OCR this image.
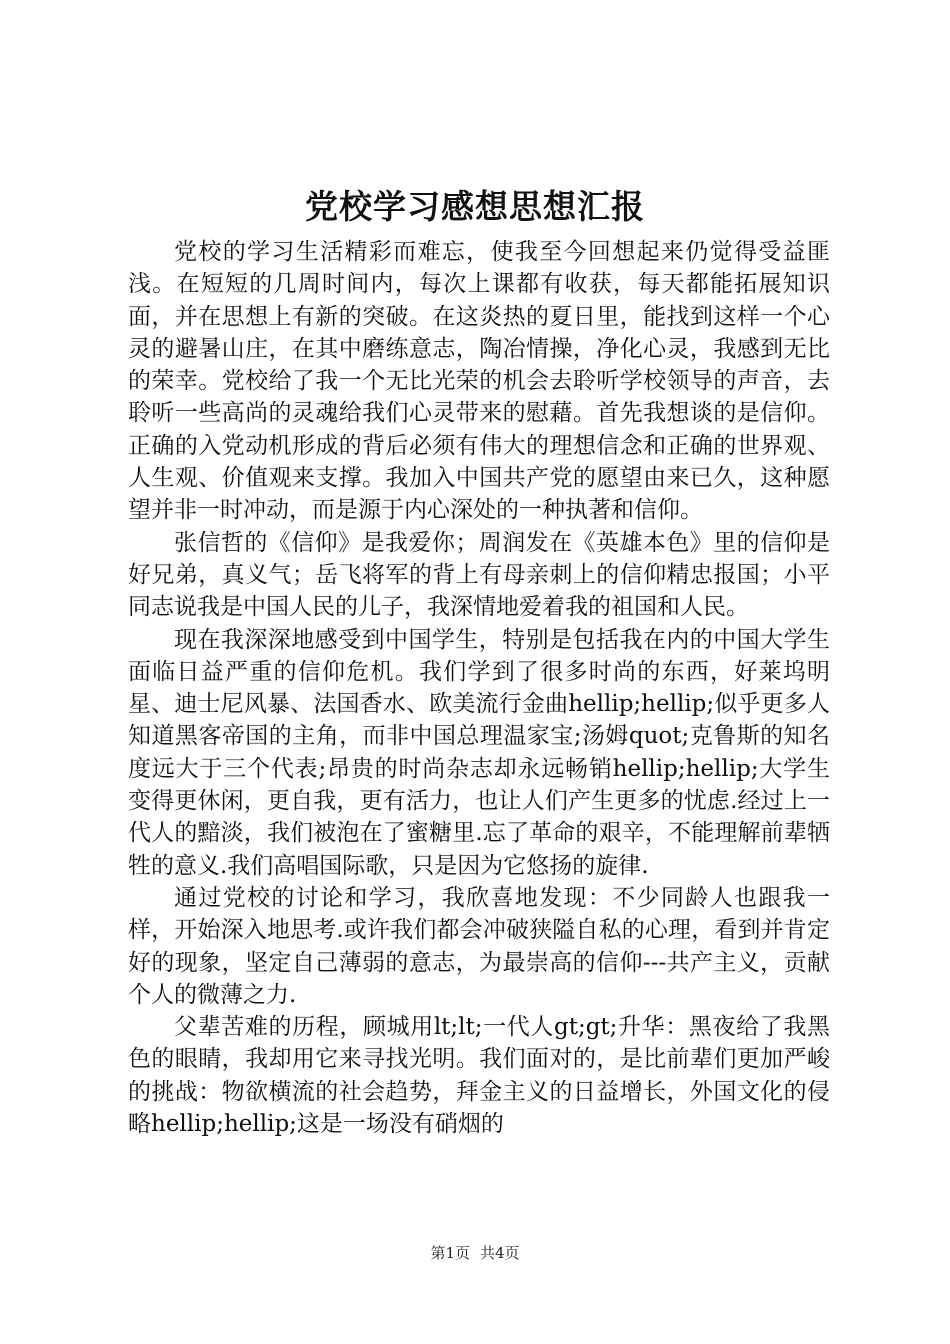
党校学习感想思想汇报

党校的学习生活精彩而难忘，使我至今回想起来仍觉得受益匪浅。在短短的几周时间内，每次上课都有收获，每天都能拓展知识面，并在思想上有新的突破。在这炎热的夏日里，能找到这样一个心灵的避暑山庄，在其中磨练意志，陶冶情操，净化心灵，我感到无比的荣幸。党校给了我一个无比光荣的机会去聆听学校领导的声音，去聆听一些高尚的灵魂给我们心灵带来的慰藉。首先我想谈的是信仰。正确的入党动机形成的背后必须有伟大的理想信念和正确的世界观、人生观、价值观来支撑。我加入中国共产党的愿望由来已久，这种愿望并非一时冲动，而是源于内心深处的一种执著和信仰。

张信哲的《信仰》是我爱你；周润发在《英雄本色》里的信仰是好兄弟，真义气；岳飞将军的背上有母亲刺上的信仰精忠报国；小平同志说我是中国人民的儿子，我深情地爱着我的祖国和人民。

现在我深深地感受到中国学生，特别是包括我在内的中国大学生面临日益严重的信仰危机。我们学到了很多时尚的东西，好莱坞明星、迪士尼风暴、法国香水、欧美流行金曲hellip;hellip;似乎更多人知道黑客帝国的主角，而非中国总理温家宝;汤姆quot;克鲁斯的知名度远大于三个代表;昂贵的时尚杂志却永远畅销hellip;hellip;大学生变得更休闲，更自我，更有活力，也让人们产生更多的忧虑.经过上一代人的黯淡，我们被泡在了蜜糖里.忘了革命的艰辛，不能理解前辈牺牲的意义.我们高唱国际歌，只是因为它悠扬的旋律.

通过党校的讨论和学习，我欣喜地发现：不少同龄人也跟我一样，开始深入地思考.或许我们都会冲破狭隘自私的心理，看到并肯定好的现象，坚定自己薄弱的意志，为最崇高的信仰---共产主义，贡献个人的微薄之力.

父辈苦难的历程，顾城用lt;lt;一代人gt;gt;升华：黑夜给了我黑色的眼睛，我却用它来寻找光明。我们面对的，是比前辈们更加严峻的挑战：物欲横流的社会趋势，拜金主义的日益增长，外国文化的侵略hellip;hellip;这是一场没有硝烟的

第1页 共4页
